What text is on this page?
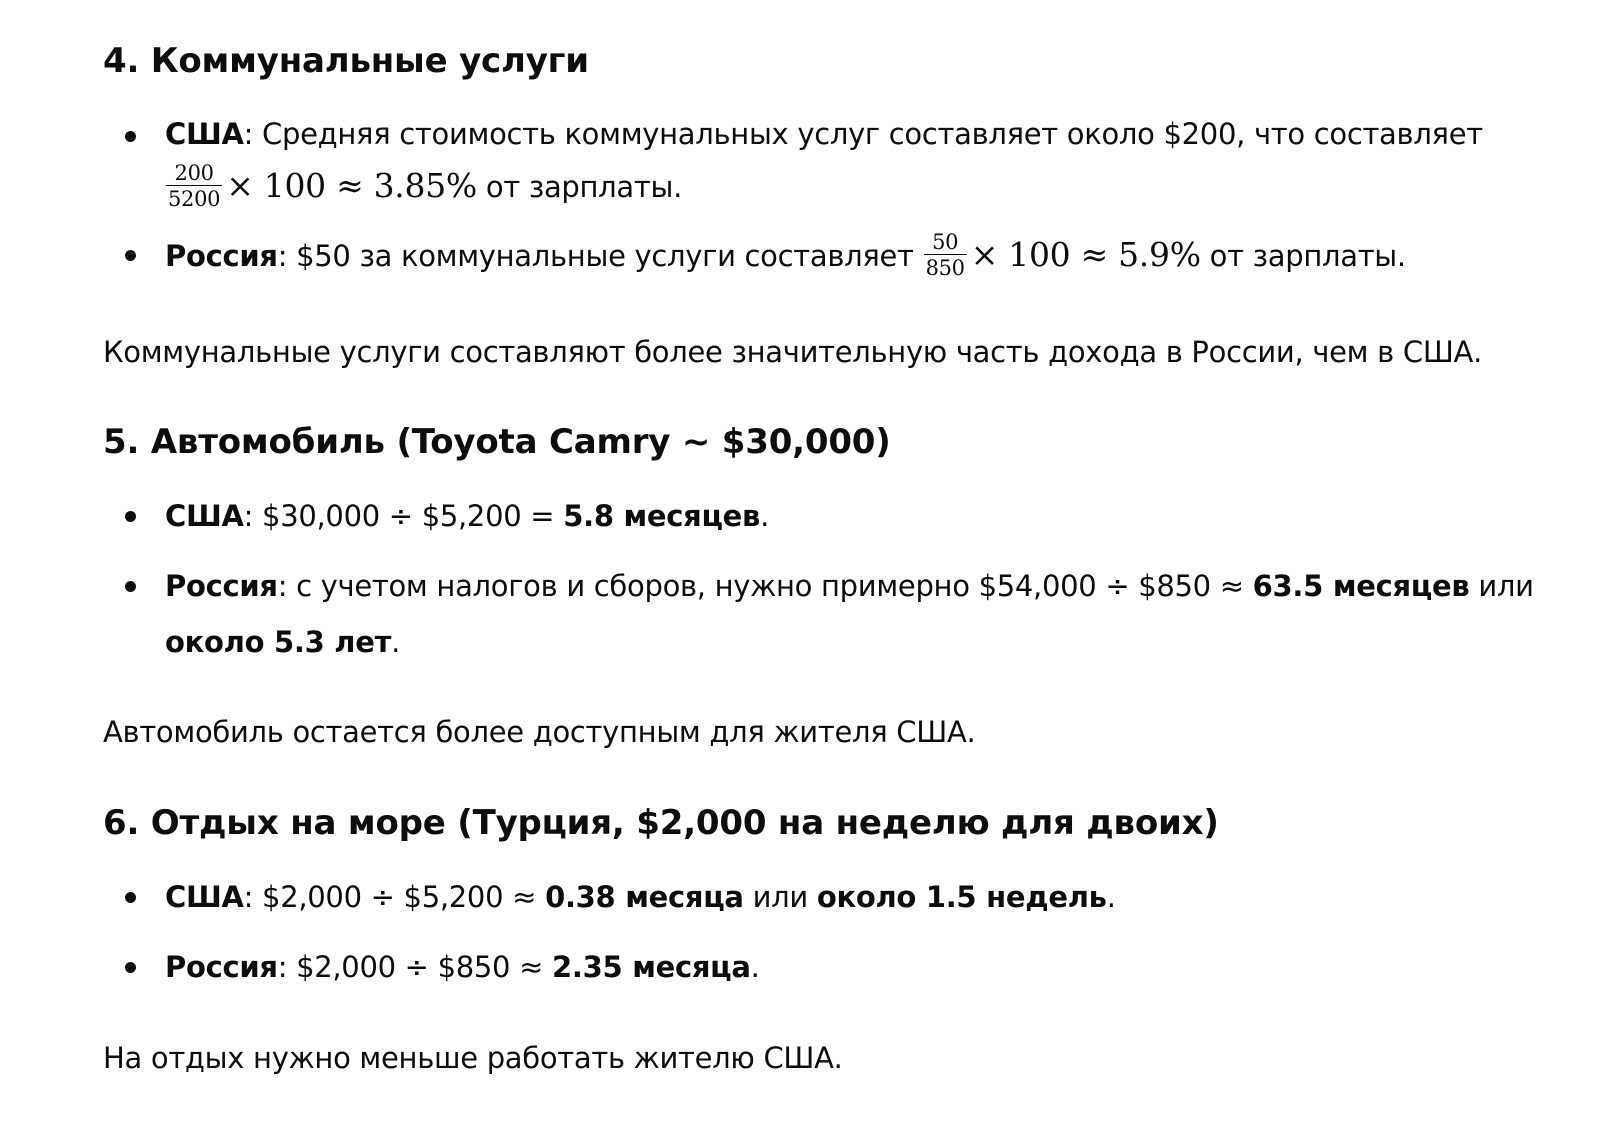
4. Коммунальные услуги
США: Средняя стоимость коммунальных услуг составляет около $200, что составляет

$\frac{200}{5200} \times 100 \approx 3.85\%$ от зарплаты.
Россия: $50 за коммунальные услуги составляет $\frac{50}{850} \times 100 \approx 5.9\%$ от зарплаты.

Коммунальные услуги составляют более значительную часть дохода в России, чем в США.

5. Автомобиль (Toyota Camry ~ $30,000)
США: $30,000 ÷ $5,200 = 5.8 месяцев.
Россия: с учетом налогов и сборов, нужно примерно $54,000 ÷ $850 ≈ 63.5 месяцев или
около 5.3 лет.

Автомобиль остается более доступным для жителя США.

6. Отдых на море (Турция, $2,000 на неделю для двоих)
США: $2,000 ÷ $5,200 ≈ 0.38 месяца или около 1.5 недель.
Россия: $2,000 ÷ $850 ≈ 2.35 месяца.

На отдых нужно меньше работать жителю США.
